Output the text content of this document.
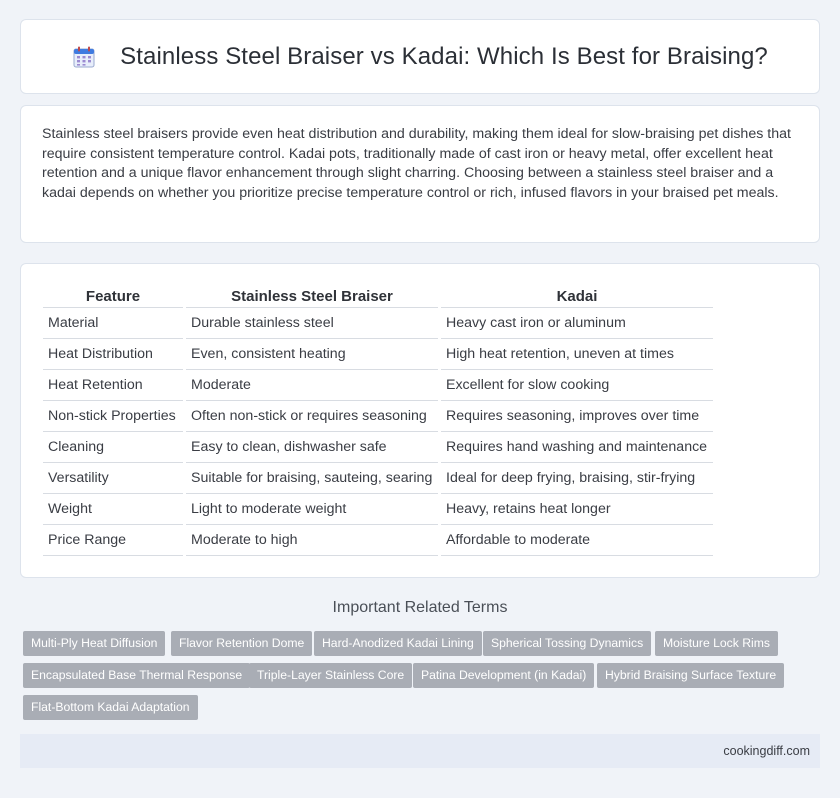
Stainless Steel Braiser vs Kadai: Which Is Best for Braising?

Stainless steel braisers provide even heat distribution and durability, making them ideal for slow-braising pet dishes that require consistent temperature control. Kadai pots, traditionally made of cast iron or heavy metal, offer excellent heat retention and a unique flavor enhancement through slight charring. Choosing between a stainless steel braiser and a kadai depends on whether you prioritize precise temperature control or rich, infused flavors in your braised pet meals.

Feature	Stainless Steel Braiser	Kadai
Material	Durable stainless steel	Heavy cast iron or aluminum
Heat Distribution	Even, consistent heating	High heat retention, uneven at times
Heat Retention	Moderate	Excellent for slow cooking
Non-stick Properties	Often non-stick or requires seasoning	Requires seasoning, improves over time
Cleaning	Easy to clean, dishwasher safe	Requires hand washing and maintenance
Versatility	Suitable for braising, sauteing, searing	Ideal for deep frying, braising, stir-frying
Weight	Light to moderate weight	Heavy, retains heat longer
Price Range	Moderate to high	Affordable to moderate
Important Related Terms
Multi-Ply Heat Diffusion	Flavor Retention Dome	Hard-Anodized Kadai Lining	Spherical Tossing Dynamics	Moisture Lock Rims
Encapsulated Base Thermal Response	Triple-Layer Stainless Core	Patina Development (in Kadai)	Hybrid Braising Surface Texture
Flat-Bottom Kadai Adaptation
cookingdiff.com
